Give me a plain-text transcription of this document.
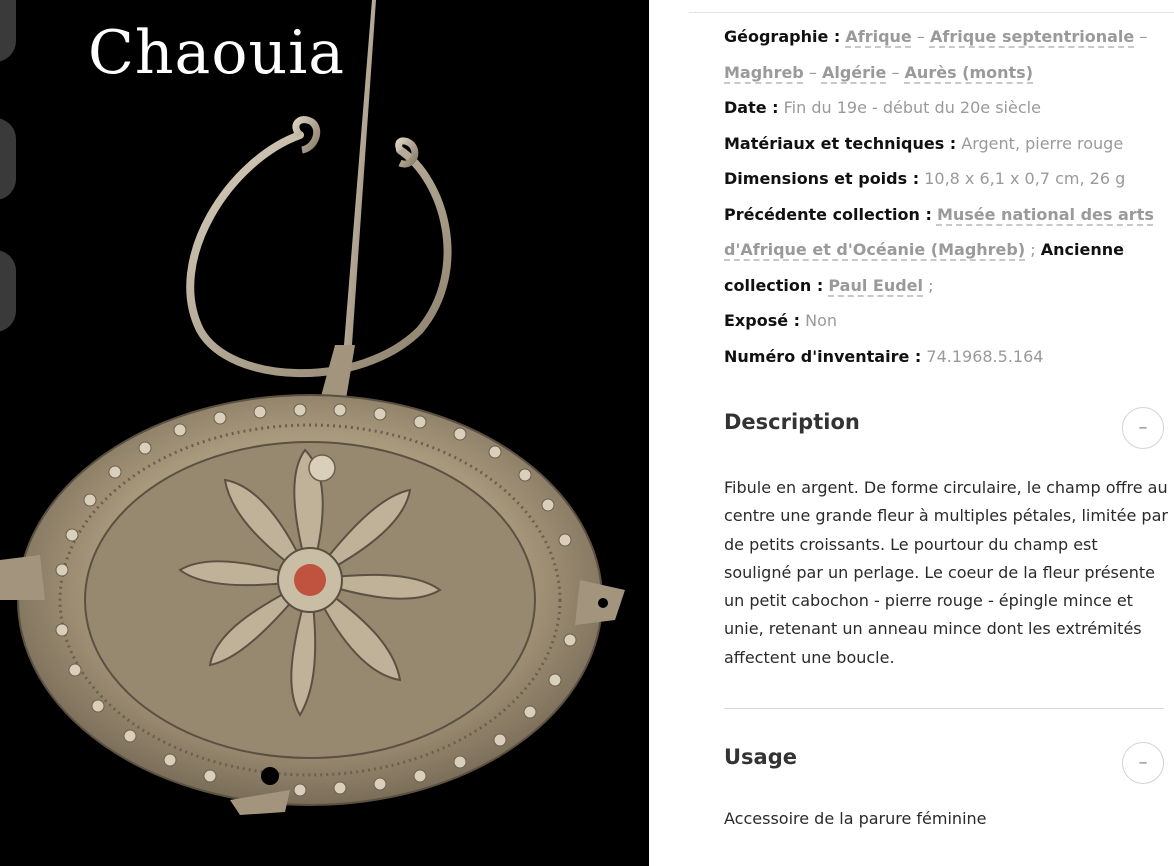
Chaouia	Géographie : Afrique – Afrique septentrionale – Maghreb – Algérie – Aurès (monts)
Date : Fin du 19e - début du 20e siècle
Matériaux et techniques : Argent, pierre rouge
Dimensions et poids : 10,8 x 6,1 x 0,7 cm, 26 g
Précédente collection : Musée national des arts d'Afrique et d'Océanie (Maghreb) ; Ancienne collection : Paul Eudel ;
Exposé : Non
Numéro d'inventaire : 74.1968.5.164
Description	–
Fibule en argent. De forme circulaire, le champ offre au centre une grande fleur à multiples pétales, limitée par de petits croissants. Le pourtour du champ est souligné par un perlage. Le coeur de la fleur présente un petit cabochon - pierre rouge - épingle mince et unie, retenant un anneau mince dont les extrémités affectent une boucle.
Usage	–
Accessoire de la parure féminine
